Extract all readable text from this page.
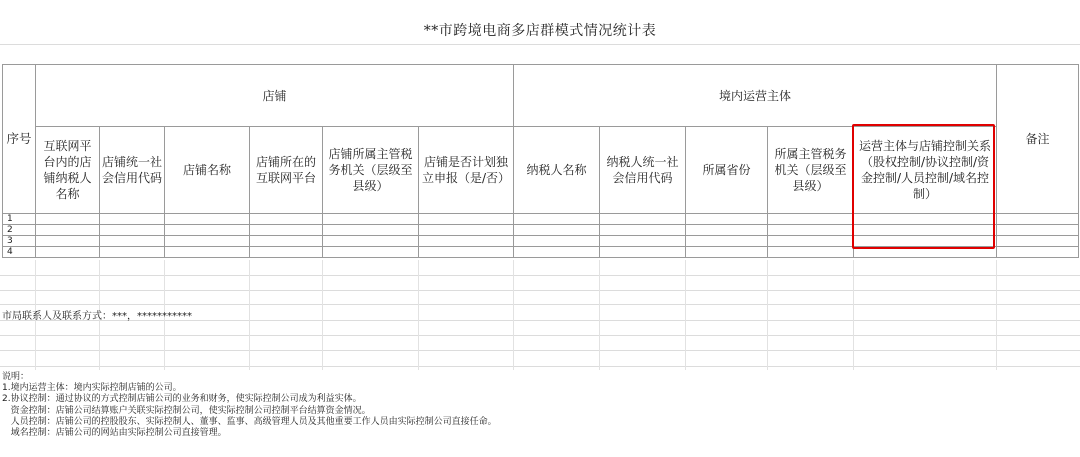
**市跨境电商多店群模式情况统计表
序号	店铺						境内运营主体					备注
	互联网平台内的店铺纳税人名称	店铺统一社会信用代码	店铺名称	店铺所在的互联网平台	店铺所属主管税务机关（层级至县级）	店铺是否计划独立申报（是/否）	纳税人名称	纳税人统一社会信用代码	所属省份	所属主管税务机关（层级至县级）	运营主体与店铺控制关系（股权控制/协议控制/资金控制/人员控制/域名控制）	
1												
2												
3												
4												
市局联系人及联系方式：***，***********
说明：
1.境内运营主体：境内实际控制店铺的公司。
2.协议控制：通过协议的方式控制店铺公司的业务和财务，使实际控制公司成为利益实体。
资金控制：店铺公司结算账户关联实际控制公司，使实际控制公司控制平台结算资金情况。
人员控制：店铺公司的控股股东、实际控制人、董事、监事、高级管理人员及其他重要工作人员由实际控制公司直接任命。
域名控制：店铺公司的网站由实际控制公司直接管理。
